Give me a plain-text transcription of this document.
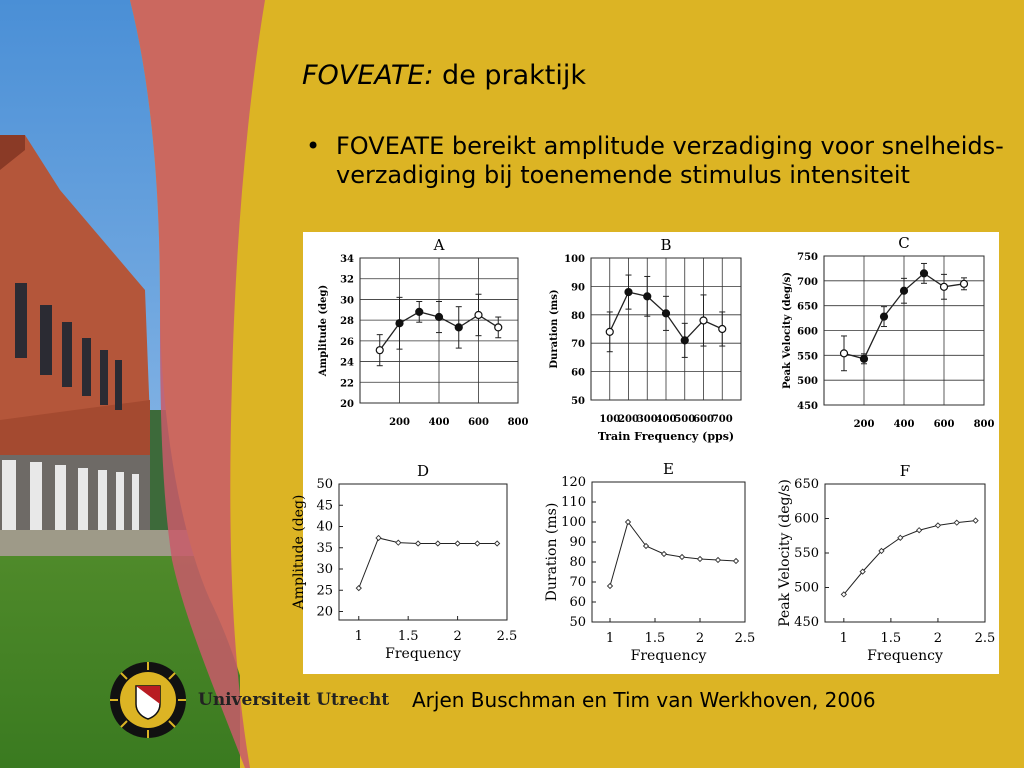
FOVEATE: de praktijk
• FOVEATE bereikt amplitude verzadiging voor snelheids-verzadiging bij toenemende stimulus intensiteit
A
20
22
24
26
28
30
32
34
200 400 600 800
Amplitude (deg)
B
50
60
70
80
90
100
100
200
300
400
500
600
700
Duration (ms)
Train Frequency (pps)
C
450
500
550
600
650
700
750
200 400 600 800
Peak Velocity (deg/s)
D
20
25
30
35
40
45
50
1	1.5	2	2.5
Amplitude (deg)
Frequency
E
50
60
70
80
90
100
110
120
1 1.5 2 2.5
Duration (ms)
Frequency
F
450
500
550
600
650
1	1.5	2	2.5
Peak Velocity (deg/s)
Frequency
Universiteit Utrecht Arjen Buschman en Tim van Werkhoven, 2006
